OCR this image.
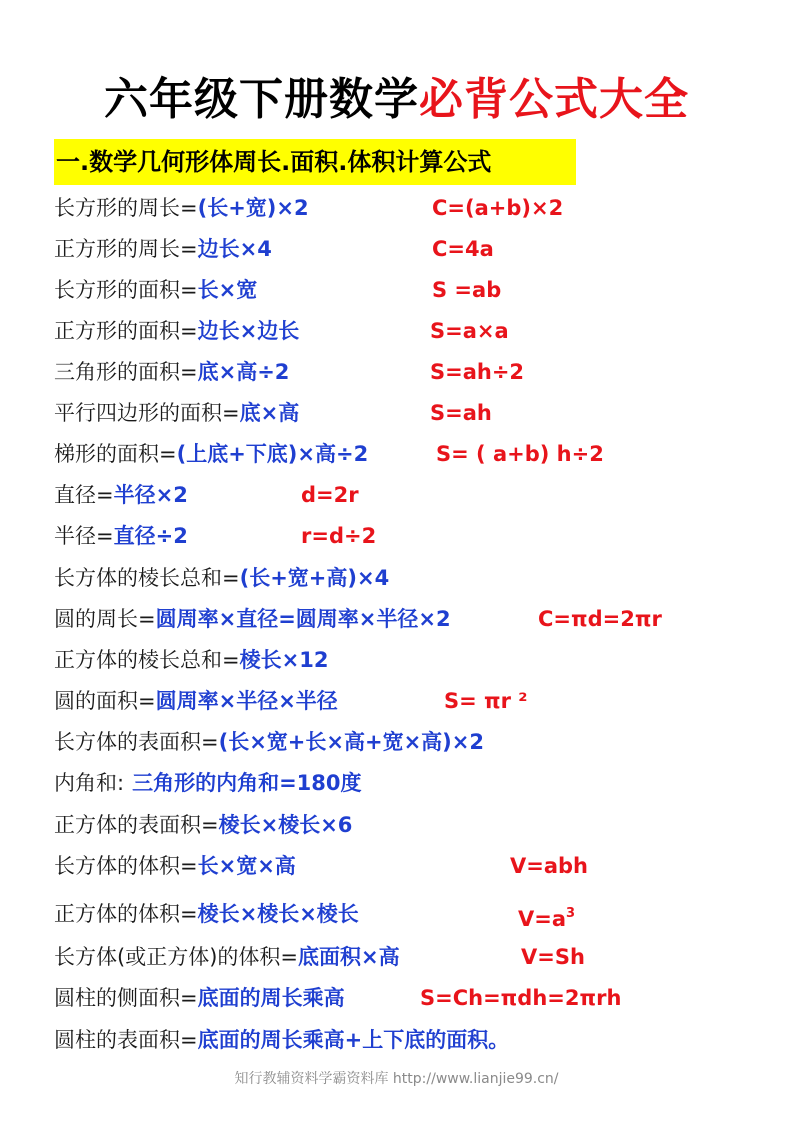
六年级下册数学必背公式大全
一.数学几何形体周长.面积.体积计算公式
长方形的周长=(长+宽)×2	C=(a+b)×2
正方形的周长=边长×4	C=4a
长方形的面积=长×宽	S =ab
正方形的面积=边长×边长	S=a×a
三角形的面积=底×高÷2	S=ah÷2
平行四边形的面积=底×高	S=ah
梯形的面积=(上底+下底)×高÷2	S= ( a+b) h÷2
直径=半径×2	d=2r
半径=直径÷2	r=d÷2
长方体的棱长总和=(长+宽+高)×4
圆的周长=圆周率×直径=圆周率×半径×2	C=πd=2πr
正方体的棱长总和=棱长×12
圆的面积=圆周率×半径×半径	S= πr ²
长方体的表面积=(长×宽+长×高+宽×高)×2
内角和: 三角形的内角和=180度
正方体的表面积=棱长×棱长×6
长方体的体积=长×宽×高	V=abh
正方体的体积=棱长×棱长×棱长	$V=a^3$
长方体(或正方体)的体积=底面积×高	V=Sh
圆柱的侧面积=底面的周长乘高	S=Ch=πdh=2πrh
圆柱的表面积=底面的周长乘高+上下底的面积。
知行教辅资料学霸资料库 http://www.lianjie99.cn/
